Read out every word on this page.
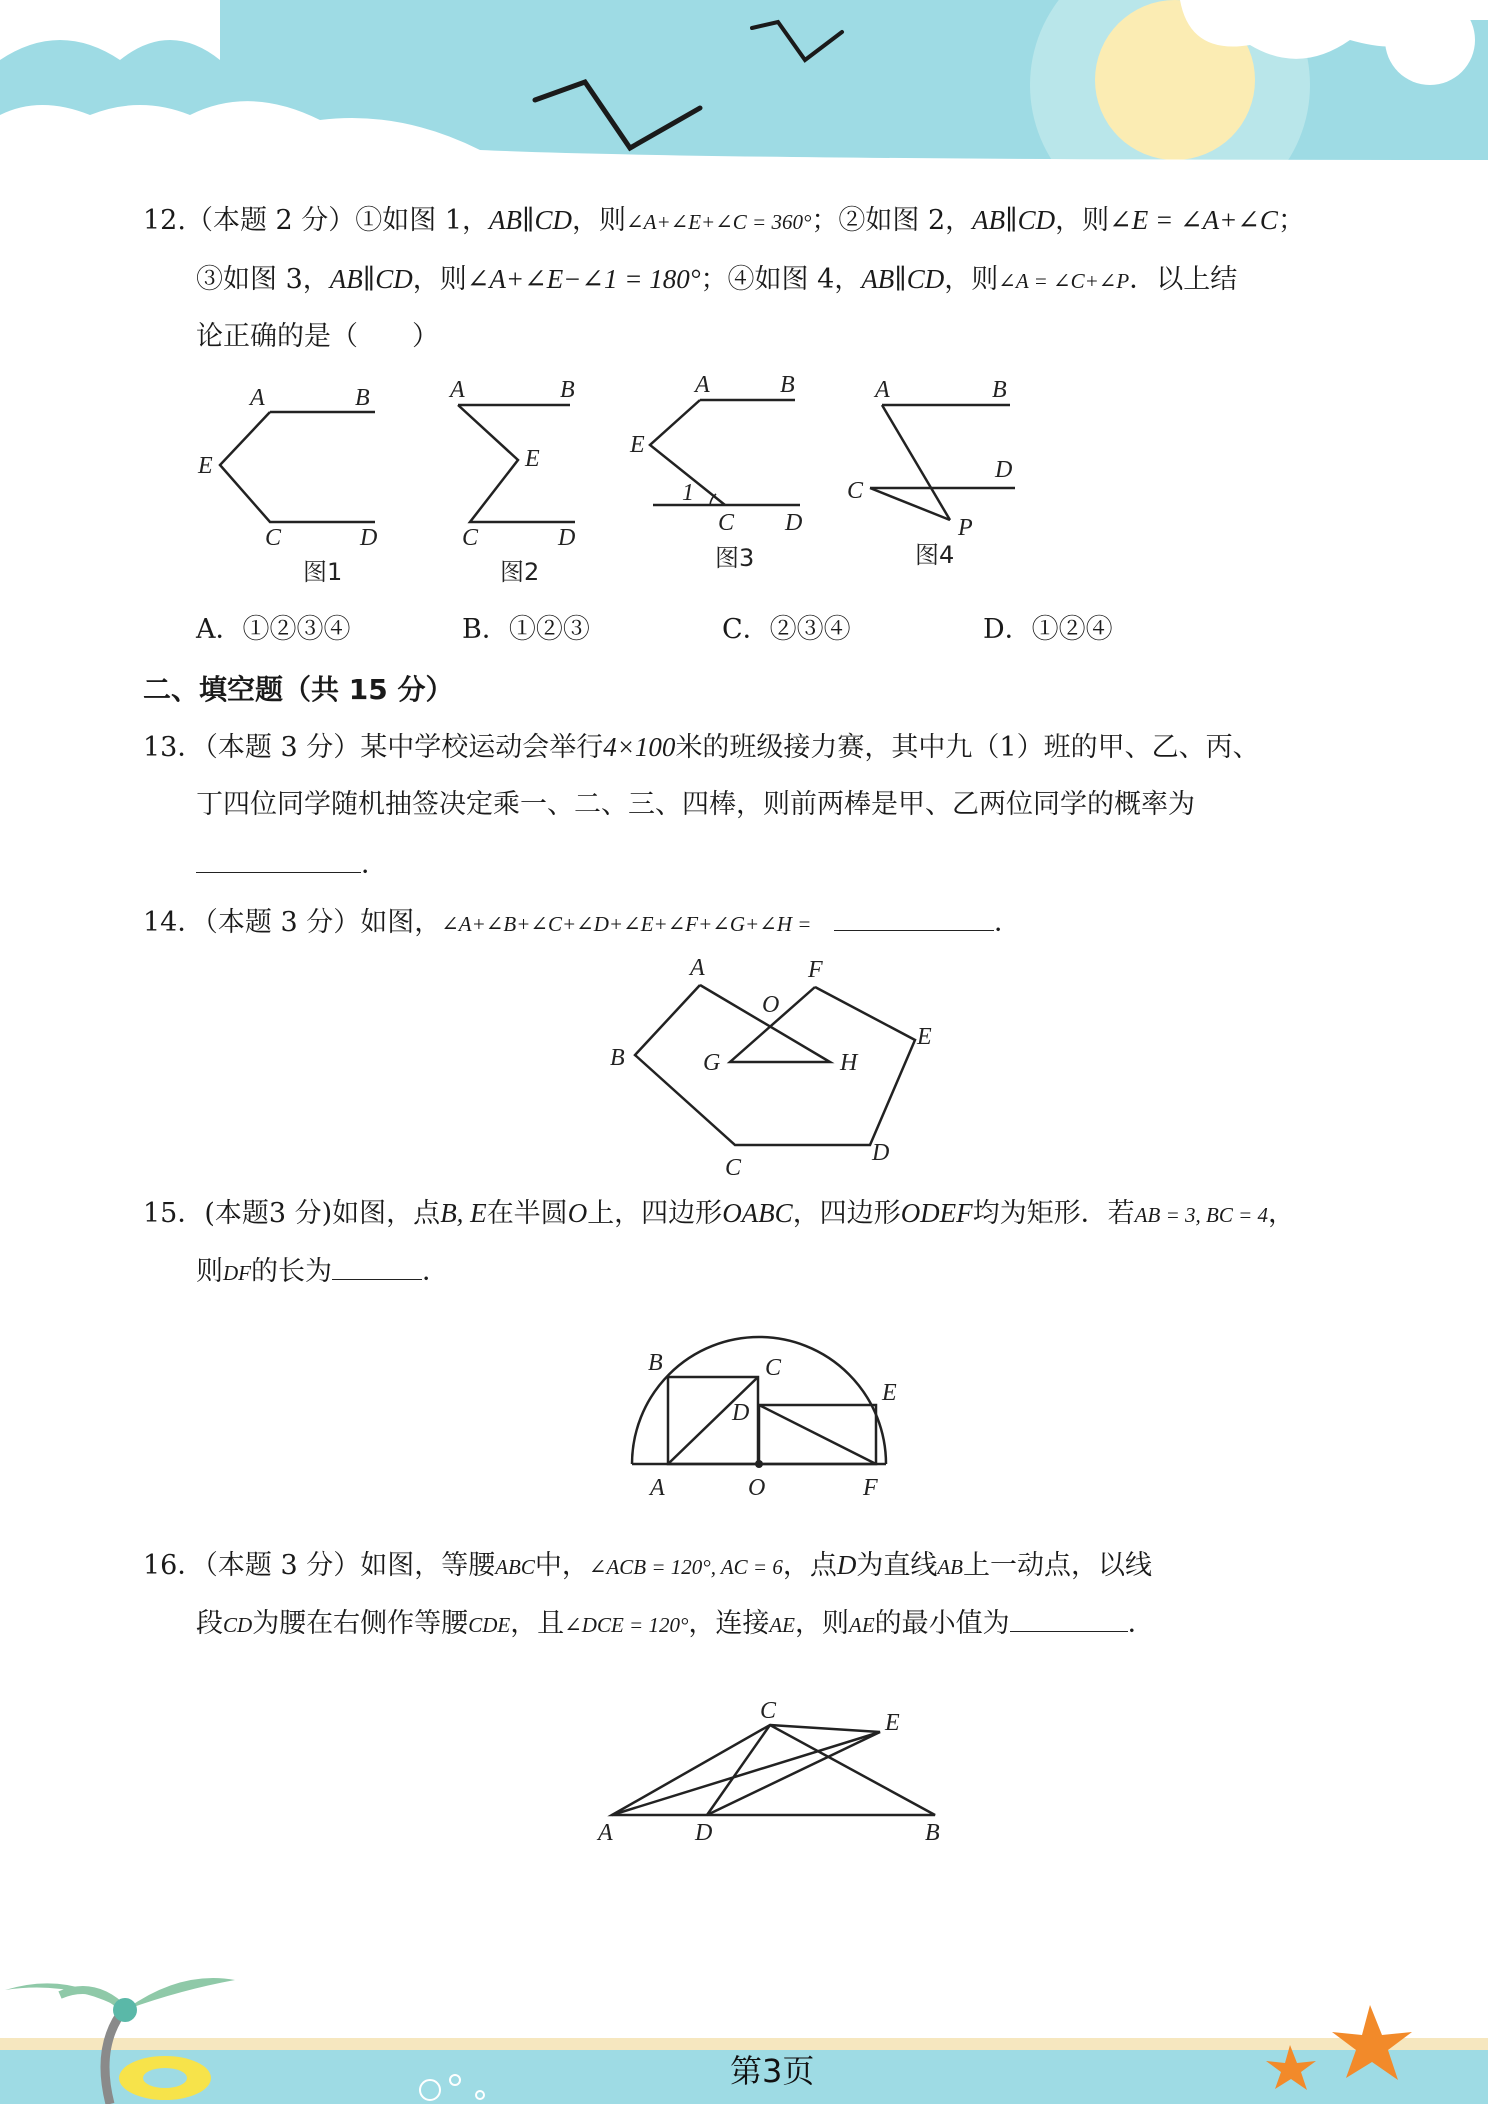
12.（本题 2 分）①如图 1，AB∥CD，则∠A+∠E+∠C = 360°；②如图 2，AB∥CD，则∠E = ∠A+∠C；
③如图 3，AB∥CD，则∠A+∠E−∠1 = 180°；④如图 4，AB∥CD，则∠A = ∠C+∠P．以上结
论正确的是（　　）
A	B
E
C	D
图1
A	B
E
C	D
图2
A	B
E
1
C D
图3
A	B
C
D
P
图4
A．①②③④	B．①②③	C．②③④	D．①②④
二、填空题（共 15 分）
13．（本题 3 分）某中学校运动会举行4×100米的班级接力赛，其中九（1）班的甲、乙、丙、
丁四位同学随机抽签决定乘一、二、三、四棒，则前两棒是甲、乙两位同学的概率为
．
14．（本题 3 分）如图，∠A+∠B+∠C+∠D+∠E+∠F+∠G+∠H =	．
A	F
O
E
B	G	H
C
D
15．(本题3 分)如图，点B, E在半圆O上，四边形OABC，四边形ODEF均为矩形．若AB = 3, BC = 4，
则DF的长为	．
B	C
D
E
A	O	F
16．（本题 3 分）如图，等腰ABC中，∠ACB = 120°, AC = 6，点D为直线AB上一动点，以线
段CD为腰在右侧作等腰CDE，且∠DCE = 120°，连接AE，则AE的最小值为	．
C	E
A	D	B
第3页
